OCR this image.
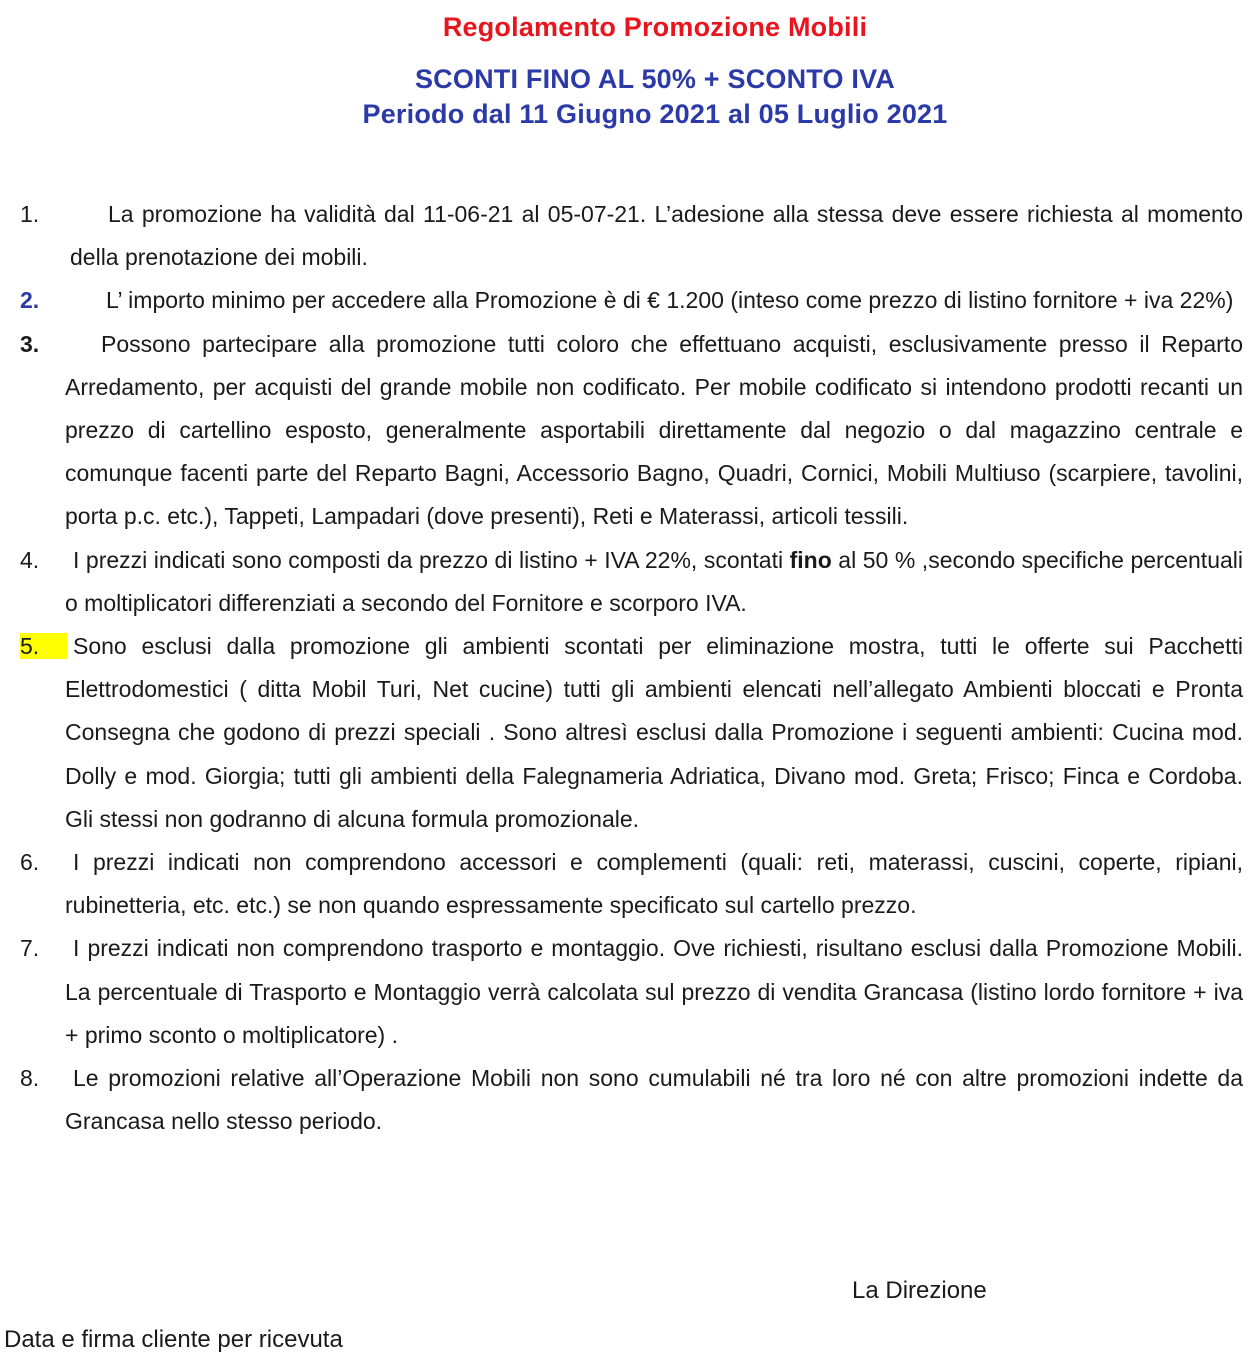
Regolamento Promozione Mobili
SCONTI FINO AL 50% + SCONTO IVA
Periodo dal 11 Giugno 2021 al 05 Luglio 2021
1.	La promozione ha validità dal 11-06-21 al 05-07-21. L’adesione alla stessa deve essere richiesta al momento della prenotazione dei mobili.
2.	L’ importo minimo per accedere alla Promozione è di € 1.200 (inteso come prezzo di listino fornitore + iva 22%)
3.	Possono partecipare alla promozione tutti coloro che effettuano acquisti, esclusivamente presso il Reparto Arredamento, per acquisti del grande mobile non codificato. Per mobile codificato si intendono prodotti recanti un prezzo di cartellino esposto, generalmente asportabili direttamente dal negozio o dal magazzino centrale e comunque facenti parte del Reparto Bagni, Accessorio Bagno, Quadri, Cornici, Mobili Multiuso (scarpiere, tavolini, porta p.c. etc.), Tappeti, Lampadari (dove presenti), Reti e Materassi, articoli tessili.
4.	I prezzi indicati sono composti da prezzo di listino + IVA 22%, scontati fino al 50 % ,secondo specifiche percentuali o moltiplicatori differenziati a secondo del Fornitore e scorporo IVA.
5.	Sono esclusi dalla promozione gli ambienti scontati per eliminazione mostra, tutti le offerte sui Pacchetti Elettrodomestici ( ditta Mobil Turi, Net cucine) tutti gli ambienti elencati nell’allegato Ambienti bloccati e Pronta Consegna che godono di prezzi speciali . Sono altresì esclusi dalla Promozione i seguenti ambienti: Cucina mod. Dolly e mod. Giorgia; tutti gli ambienti della Falegnameria Adriatica, Divano mod. Greta; Frisco; Finca e Cordoba. Gli stessi non godranno di alcuna formula promozionale.
6.	I prezzi indicati non comprendono accessori e complementi (quali: reti, materassi, cuscini, coperte, ripiani, rubinetteria, etc. etc.) se non quando espressamente specificato sul cartello prezzo.
7.	I prezzi indicati non comprendono trasporto e montaggio. Ove richiesti, risultano esclusi dalla Promozione Mobili. La percentuale di Trasporto e Montaggio verrà calcolata sul prezzo di vendita Grancasa (listino lordo fornitore + iva + primo sconto o moltiplicatore) .
8.	Le promozioni relative all’Operazione Mobili non sono cumulabili né tra loro né con altre promozioni indette da Grancasa nello stesso periodo.
La Direzione
Data e firma cliente per ricevuta
